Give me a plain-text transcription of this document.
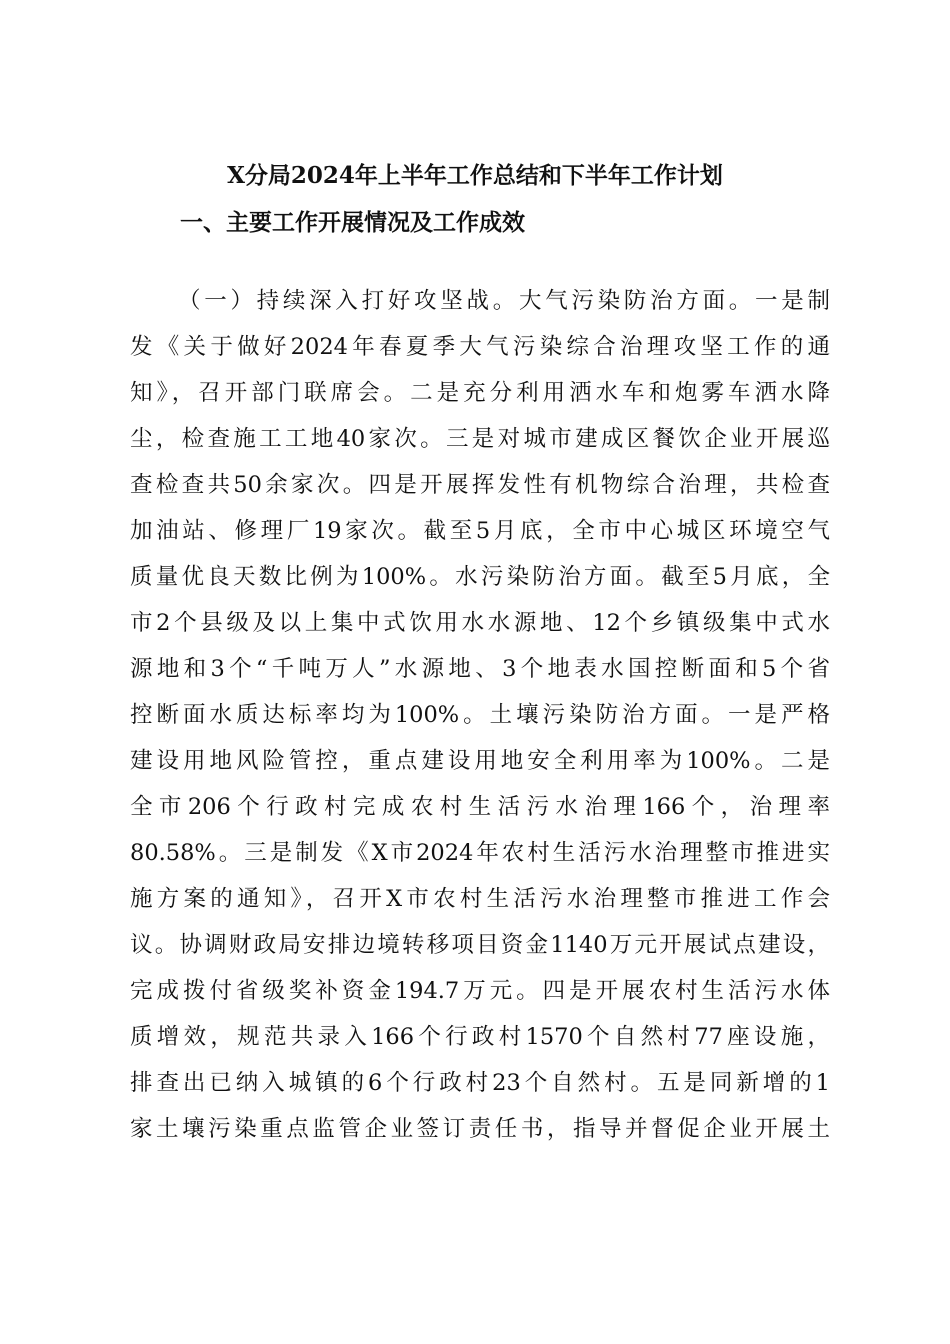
X分局2024年上半年工作总结和下半年工作计划
一、主要工作开展情况及工作成效
（一）持续深入打好攻坚战。大气污染防治方面。一是制
发《关于做好2024年春夏季大气污染综合治理攻坚工作的通
知》，召开部门联席会。二是充分利用洒水车和炮雾车洒水降
尘，检查施工工地40家次。三是对城市建成区餐饮企业开展巡
查检查共50余家次。四是开展挥发性有机物综合治理，共检查
加油站、修理厂19家次。截至5月底，全市中心城区环境空气
质量优良天数比例为100%。水污染防治方面。截至5月底，全
市2个县级及以上集中式饮用水水源地、12个乡镇级集中式水
源地和3个“千吨万人”水源地、3个地表水国控断面和5个省
控断面水质达标率均为100%。土壤污染防治方面。一是严格
建设用地风险管控，重点建设用地安全利用率为100%。二是
全市206个行政村完成农村生活污水治理166个，治理率
80.58%。三是制发《X市2024年农村生活污水治理整市推进实
施方案的通知》，召开X市农村生活污水治理整市推进工作会
议。协调财政局安排边境转移项目资金1140万元开展试点建设，
完成拨付省级奖补资金194.7万元。四是开展农村生活污水体
质增效，规范共录入166个行政村1570个自然村77座设施，
排查出已纳入城镇的6个行政村23个自然村。五是同新增的1
家土壤污染重点监管企业签订责任书，指导并督促企业开展土
